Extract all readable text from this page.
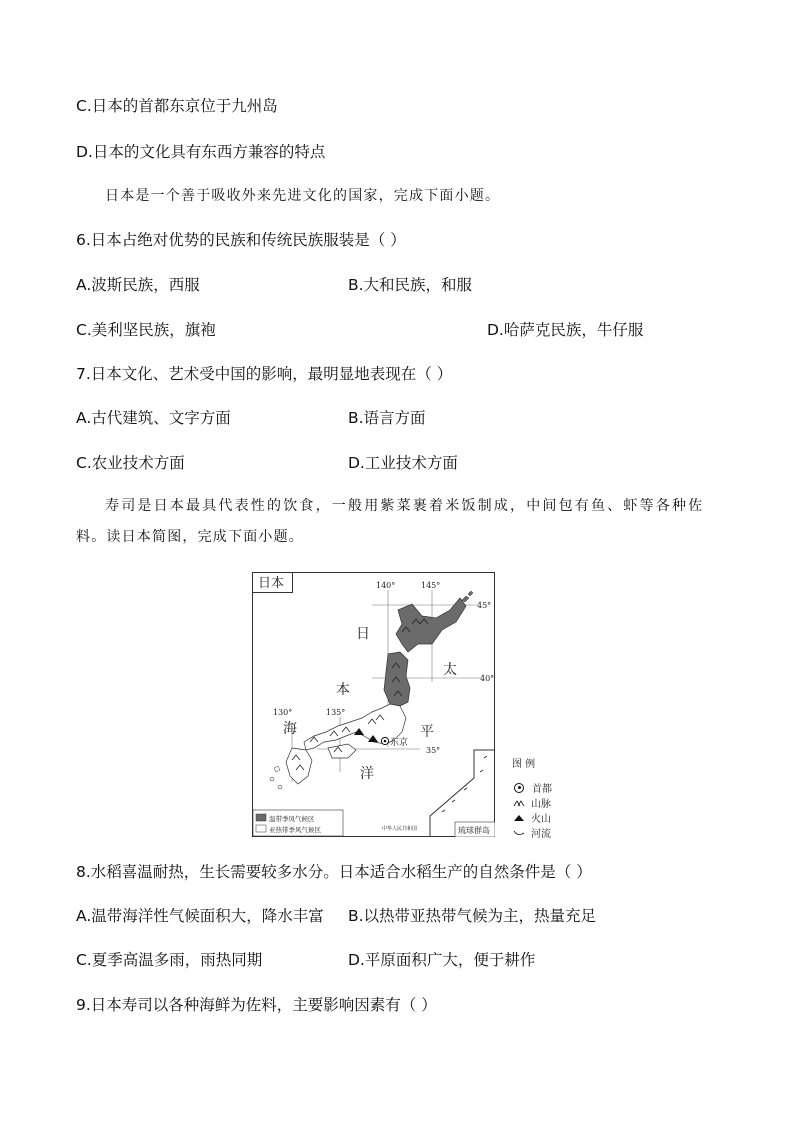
C.日本的首都东京位于九州岛
D.日本的文化具有东西方兼容的特点
日本是一个善于吸收外来先进文化的国家，完成下面小题。
6.日本占绝对优势的民族和传统民族服装是（ ）
A.波斯民族，西服	B.大和民族，和服
C.美利坚民族，旗袍	D.哈萨克民族，牛仔服
7.日本文化、艺术受中国的影响，最明显地表现在（ ）
A.古代建筑、文字方面	B.语言方面
C.农业技术方面	D.工业技术方面
寿司是日本最具代表性的饮食，一般用紫菜裹着米饭制成，中间包有鱼、虾等各种佐
料。读日本简图，完成下面小题。
日本	140°	145°
130°	135°
45°
40°
35°
东京
日
本
海
太
平
洋
琉球群岛
温带季风气候区
亚热带季风气候区	中华人民共和国
图 例
首都
山脉
火山
河流
8.水稻喜温耐热，生长需要较多水分。日本适合水稻生产的自然条件是（ ）
A.温带海洋性气候面积大，降水丰富 B.以热带亚热带气候为主，热量充足
C.夏季高温多雨，雨热同期	D.平原面积广大，便于耕作
9.日本寿司以各种海鲜为佐料，主要影响因素有（ ）
